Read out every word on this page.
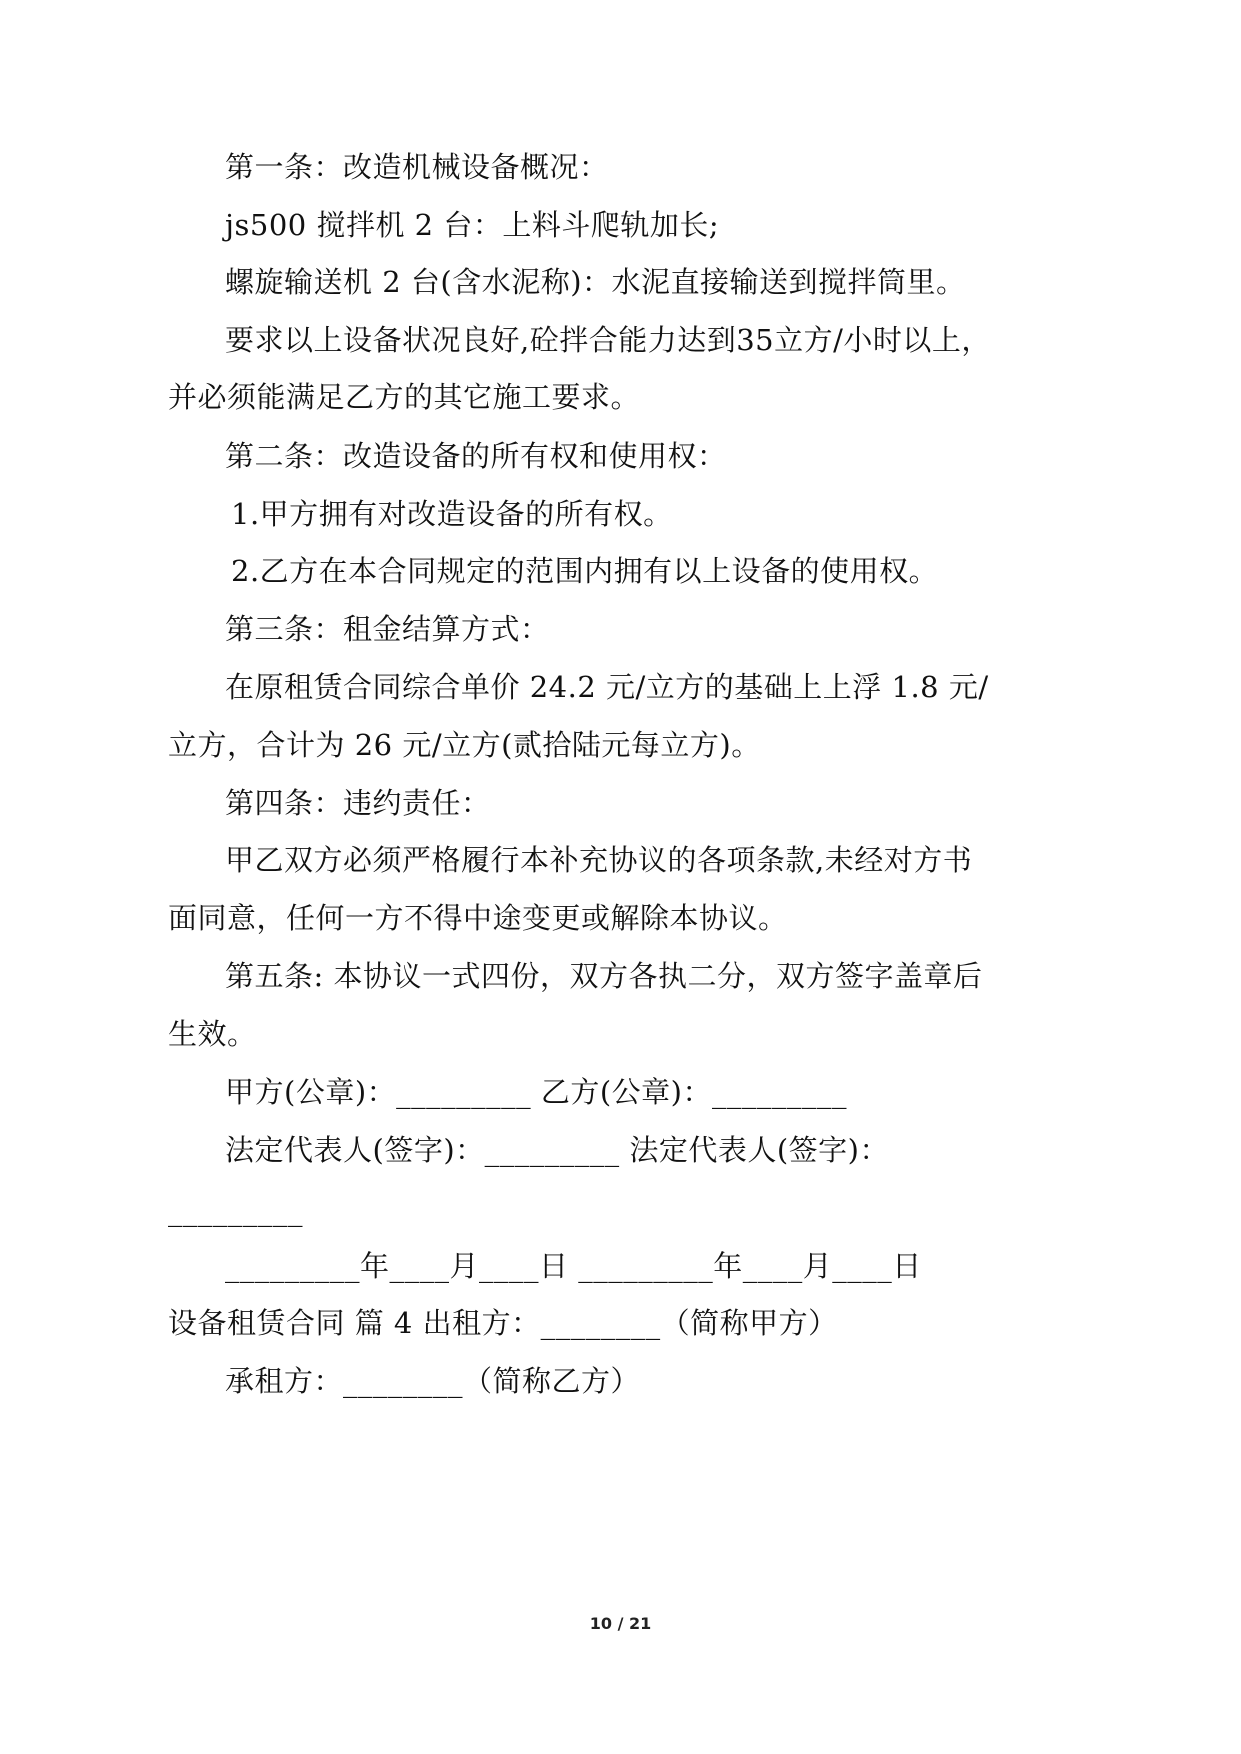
第一条：改造机械设备概况：
js500 搅拌机 2 台：上料斗爬轨加长;
螺旋输送机 2 台(含水泥称)：水泥直接输送到搅拌筒里。
要求以上设备状况良好,砼拌合能力达到35立方/小时以上，
并必须能满足乙方的其它施工要求。
第二条：改造设备的所有权和使用权：
1.甲方拥有对改造设备的所有权。
2.乙方在本合同规定的范围内拥有以上设备的使用权。
第三条：租金结算方式：
在原租赁合同综合单价 24.2 元/立方的基础上上浮 1.8 元/
立方，合计为 26 元/立方(贰拾陆元每立方)。
第四条：违约责任：
甲乙双方必须严格履行本补充协议的各项条款,未经对方书
面同意，任何一方不得中途变更或解除本协议。
第五条: 本协议一式四份，双方各执二分，双方签字盖章后
生效。
甲方(公章)：_________ 乙方(公章)：_________
法定代表人(签字)：_________ 法定代表人(签字)：
_________
_________年____月____日 _________年____月____日
设备租赁合同 篇 4 出租方：________（简称甲方）
承租方：________（简称乙方）
10 / 21
